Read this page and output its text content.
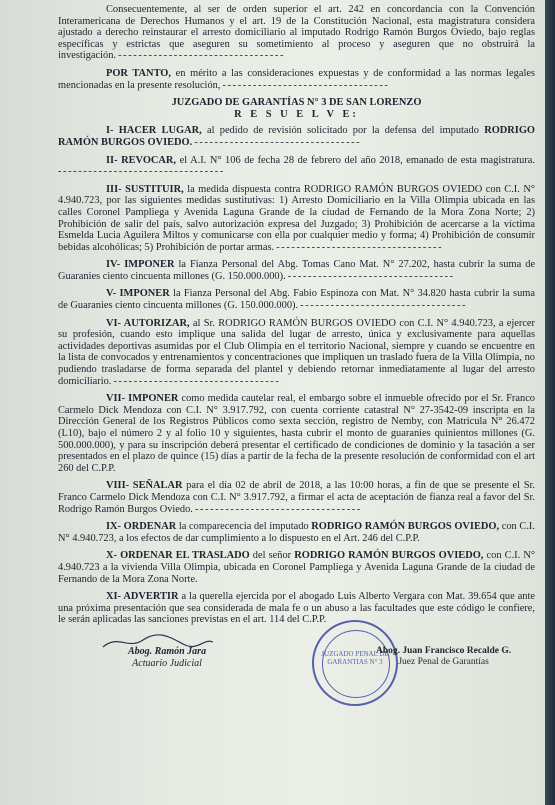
Consecuentemente, al ser de orden superior el art. 242 en concordancia con la Convención Interamericana de Derechos Humanos y el art. 19 de la Constitución Nacional, esta magistratura considera ajustado a derecho reinstaurar el arresto domiciliario al imputado Rodrigo Ramón Burgos Oviedo, bajo reglas específicas y estrictas que aseguren su sometimiento al proceso y aseguren que no obstruirá la investigación. - - -

POR TANTO, en mérito a las consideraciones expuestas y de conformidad a las normas legales mencionadas en la presente resolución, - - -

JUZGADO DE GARANTÍAS N° 3 DE SAN LORENZO
R E S U E L V E:

I- HACER LUGAR, al pedido de revisión solicitado por la defensa del imputado RODRIGO RAMÓN BURGOS OVIEDO. - - -

II- REVOCAR, el A.I. N° 106 de fecha 28 de febrero del año 2018, emanado de esta magistratura. - - -

III- SUSTITUIR, la medida dispuesta contra RODRIGO RAMÓN BURGOS OVIEDO con C.I. N° 4.940.723, por las siguientes medidas sustitutivas: 1) Arresto Domiciliario en la Villa Olimpia ubicada en las calles Coronel Pampliega y Avenida Laguna Grande de la ciudad de Fernando de la Mora Zona Norte; 2) Prohibición de salir del país, salvo autorización expresa del Juzgado; 3) Prohibición de acercarse a la víctima Esmelda Lucia Aguilera Miltos y comunicarse con ella por cualquier medio y forma; 4) Prohibición de consumir bebidas alcohólicas; 5) Prohibición de portar armas. - - -

IV- IMPONER la Fianza Personal del Abg. Tomas Cano Mat. N° 27.202, hasta cubrir la suma de Guaranies ciento cincuenta millones (G. 150.000.000). - - -

V- IMPONER la Fianza Personal del Abg. Fabio Espinoza con Mat. N° 34.820 hasta cubrir la suma de Guaranies ciento cincuenta millones (G. 150.000.000). - - -

VI- AUTORIZAR, al Sr. RODRIGO RAMÓN BURGOS OVIEDO con C.I. N° 4.940.723, a ejercer su profesión, cuando esto implique una salida del lugar de arresto, única y exclusivamente para aquellas actividades deportivas asumidas por el Club Olimpia en el territorio Nacional, siempre y cuando se encuentre en la lista de convocados y entrenamientos y concentraciones que impliquen un traslado fuera de la Villa Olimpia, no pudiendo trasladarse de forma separada del plantel y debiendo retornar inmediatamente al lugar del arresto domiciliario. - - -

VII- IMPONER como medida cautelar real, el embargo sobre el inmueble ofrecido por el Sr. Franco Carmelo Dick Mendoza con C.I. N° 3.917.792, con cuenta corriente catastral N° 27-3542-09 inscripta en la Dirección General de los Registros Públicos como sexta sección, registro de Nemby, con Matricula N° 26.472 (L10), bajo el número 2 y al folio 10 y siguientes, hasta cubrir el monto de guaranies quinientos millones (G. 500.000.000), y para su inscripción deberá presentar el certificado de condiciones de dominio y la tasación a ser presentados en el plazo de quince (15) días a partir de la fecha de la presente resolución de conformidad con el art 260 del C.P.P.

VIII- SEÑALAR para el día 02 de abril de 2018, a las 10:00 horas, a fin de que se presente el Sr. Franco Carmelo Dick Mendoza con C.I. N° 3.917.792, a firmar el acta de aceptación de fianza real a favor del Sr. Rodrigo Ramón Burgos Oviedo. - - -

IX- ORDENAR la comparecencia del imputado RODRIGO RAMÓN BURGOS OVIEDO, con C.I. N° 4.940.723, a los efectos de dar cumplimiento a lo dispuesto en el Art. 246 del C.P.P.

X- ORDENAR EL TRASLADO del señor RODRIGO RAMÓN BURGOS OVIEDO, con C.I. N° 4.940.723 a la vivienda Villa Olimpia, ubicada en Coronel Pampliega y Avenida Laguna Grande de la ciudad de Fernando de la Mora Zona Norte.

XI- ADVERTIR a la querella ejercida por el abogado Luis Alberto Vergara con Mat. 39.654 que ante una próxima presentación que sea considerada de mala fe o un abuso a las facultades que este código le confiere, le serán aplicadas las sanciones previstas en el art. 114 del C.P.P.

Abog. Ramón Jara
Actuario Judicial
JUZGADO PENAL DE GARANTIAS N° 3
Abog. Juan Francisco Recalde G.
Juez Penal de Garantías
